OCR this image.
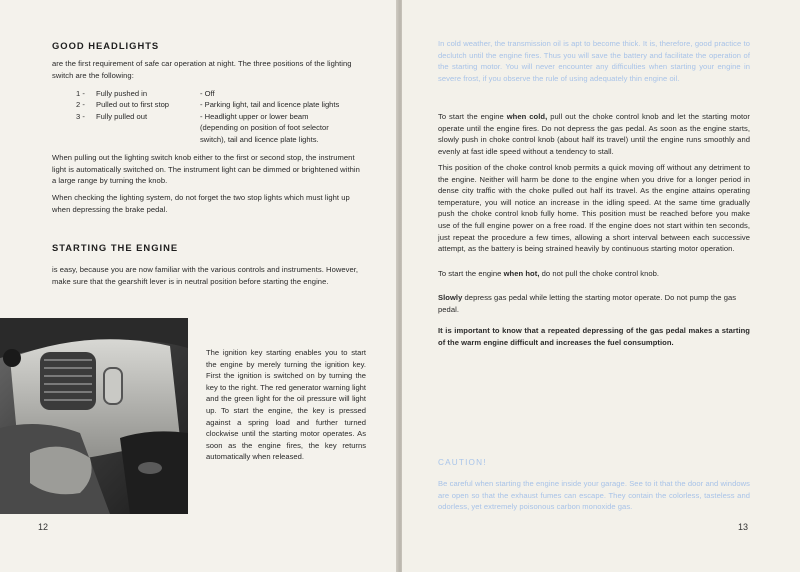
GOOD HEADLIGHTS

are the first requirement of safe car operation at night. The three positions of the lighting switch are the following:

1 -	Fully pushed in	- Off
2 -	Pulled out to first stop	- Parking light, tail and licence plate lights
3 -	Fully pulled out	- Headlight upper or lower beam (depending on position of foot selector switch), tail and licence plate lights.

When pulling out the lighting switch knob either to the first or second stop, the instrument light is automatically switched on. The instrument light can be dimmed or brightened within a large range by turning the knob.

When checking the lighting system, do not forget the two stop lights which must light up when depressing the brake pedal.

STARTING THE ENGINE

is easy, because you are now familiar with the various controls and instruments. However, make sure that the gearshift lever is in neutral position before starting the engine.

The ignition key starting enables you to start the engine by merely turning the ignition key. First the ignition is switched on by turning the key to the right. The red generator warning light and the green light for the oil pressure will light up. To start the engine, the key is pressed against a spring load and further turned clockwise until the starting motor operates. As soon as the engine fires, the key returns automatically when released.

12

In cold weather, the transmission oil is apt to become thick. It is, therefore, good practice to declutch until the engine fires. Thus you will save the battery and facilitate the operation of the starting motor. You will never encounter any difficulties when starting your engine in severe frost, if you observe the rule of using adequately thin engine oil.

To start the engine when cold, pull out the choke control knob and let the starting motor operate until the engine fires. Do not depress the gas pedal. As soon as the engine starts, slowly push in choke control knob (about half its travel) until the engine runs smoothly and evenly at fast idle speed without a tendency to stall.

This position of the choke control knob permits a quick moving off without any detriment to the engine. Neither will harm be done to the engine when you drive for a longer period in dense city traffic with the choke pulled out half its travel. As the engine attains operating temperature, you will notice an increase in the idling speed. At the same time gradually push the choke control knob fully home. This position must be reached before you make use of the full engine power on a free road. If the engine does not start within ten seconds, just repeat the procedure a few times, allowing a short interval between each successive attempt, as the battery is being strained heavily by continuous starting motor operation.

To start the engine when hot, do not pull the choke control knob.

Slowly depress gas pedal while letting the starting motor operate. Do not pump the gas pedal.

It is important to know that a repeated depressing of the gas pedal makes a starting of the warm engine difficult and increases the fuel consumption.

CAUTION!

Be careful when starting the engine inside your garage. See to it that the door and windows are open so that the exhaust fumes can escape. They contain the colorless, tasteless and odorless, yet extremely poisonous carbon monoxide gas.

13
